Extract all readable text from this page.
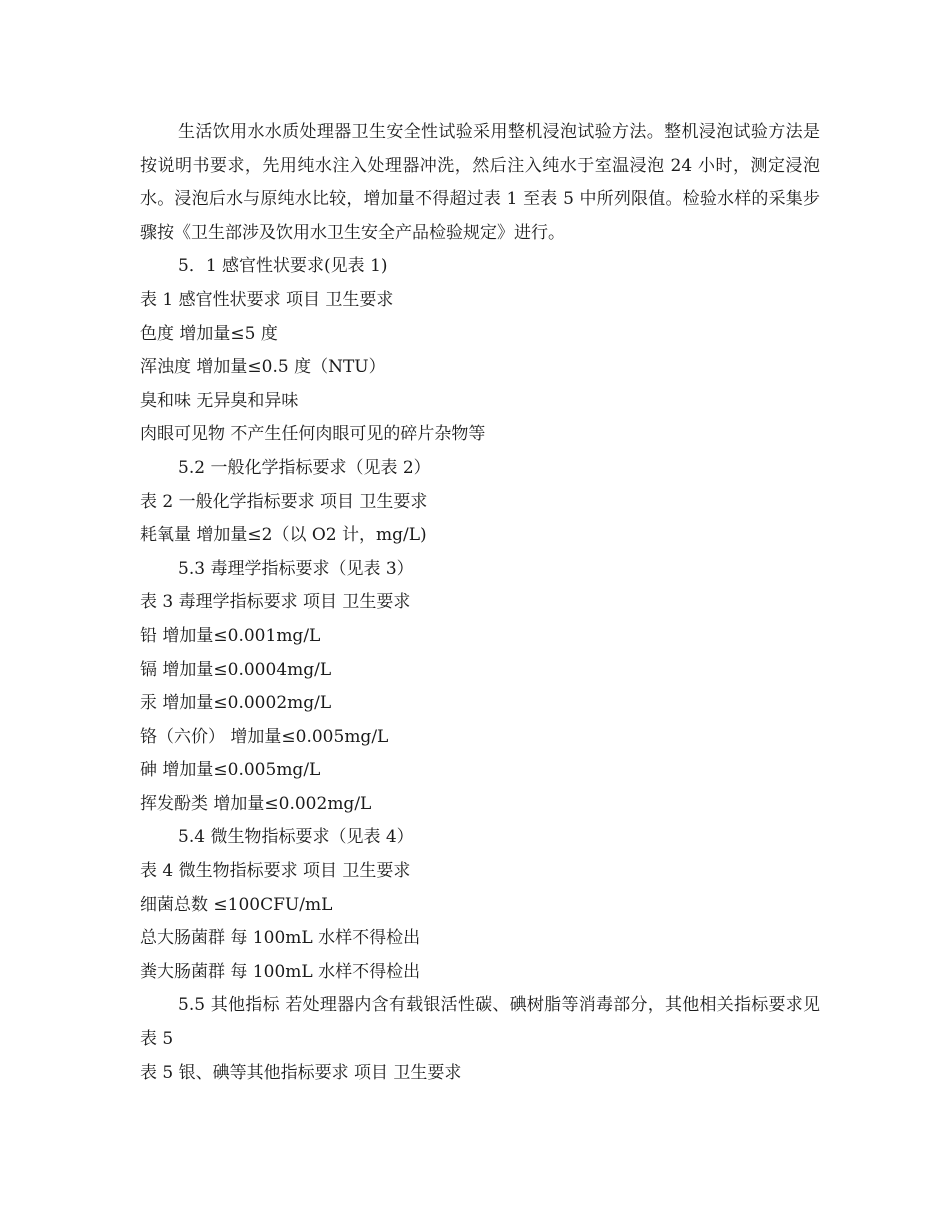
生活饮用水水质处理器卫生安全性试验采用整机浸泡试验方法。整机浸泡试验方法是按说明书要求，先用纯水注入处理器冲洗，然后注入纯水于室温浸泡 24 小时，测定浸泡水。浸泡后水与原纯水比较，增加量不得超过表 1 至表 5 中所列限值。检验水样的采集步骤按《卫生部涉及饮用水卫生安全产品检验规定》进行。

5．1 感官性状要求(见表 1)

表 1 感官性状要求 项目 卫生要求

色度 增加量≤5 度

浑浊度 增加量≤0.5 度（NTU）

臭和味 无异臭和异味

肉眼可见物 不产生任何肉眼可见的碎片杂物等

5.2 一般化学指标要求（见表 2）

表 2 一般化学指标要求 项目 卫生要求

耗氧量 增加量≤2（以 O2 计，mg/L)

5.3 毒理学指标要求（见表 3）

表 3 毒理学指标要求 项目 卫生要求

铅 增加量≤0.001mg/L

镉 增加量≤0.0004mg/L

汞 增加量≤0.0002mg/L

铬（六价） 增加量≤0.005mg/L

砷 增加量≤0.005mg/L

挥发酚类 增加量≤0.002mg/L

5.4 微生物指标要求（见表 4）

表 4 微生物指标要求 项目 卫生要求

细菌总数 ≤100CFU/mL

总大肠菌群 每 100mL 水样不得检出

粪大肠菌群 每 100mL 水样不得检出

5.5 其他指标 若处理器内含有载银活性碳、碘树脂等消毒部分，其他相关指标要求见表 5

表 5 银、碘等其他指标要求 项目 卫生要求
